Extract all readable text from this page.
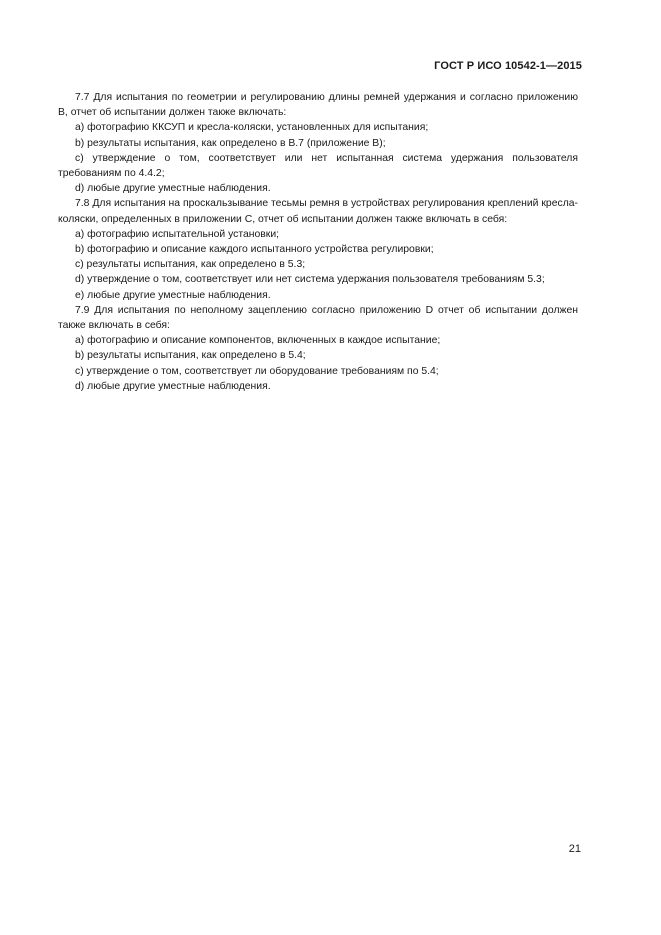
ГОСТ Р ИСО 10542-1—2015

7.7 Для испытания по геометрии и регулированию длины ремней удержания и согласно приложению В, отчет об испытании должен также включать:

a) фотографию ККСУП и кресла-коляски, установленных для испытания;

b) результаты испытания, как определено в В.7 (приложение В);

c) утверждение о том, соответствует или нет испытанная система удержания пользователя требованиям по 4.4.2;

d) любые другие уместные наблюдения.

7.8 Для испытания на проскальзывание тесьмы ремня в устройствах регулирования креплений кресла-коляски, определенных в приложении С, отчет об испытании должен также включать в себя:

a) фотографию испытательной установки;

b) фотографию и описание каждого испытанного устройства регулировки;

c) результаты испытания, как определено в 5.3;

d) утверждение о том, соответствует или нет система удержания пользователя требованиям 5.3;

e) любые другие уместные наблюдения.

7.9 Для испытания по неполному зацеплению согласно приложению D отчет об испытании должен также включать в себя:

a) фотографию и описание компонентов, включенных в каждое испытание;

b) результаты испытания, как определено в 5.4;

c) утверждение о том, соответствует ли оборудование требованиям по 5.4;

d) любые другие уместные наблюдения.

21
